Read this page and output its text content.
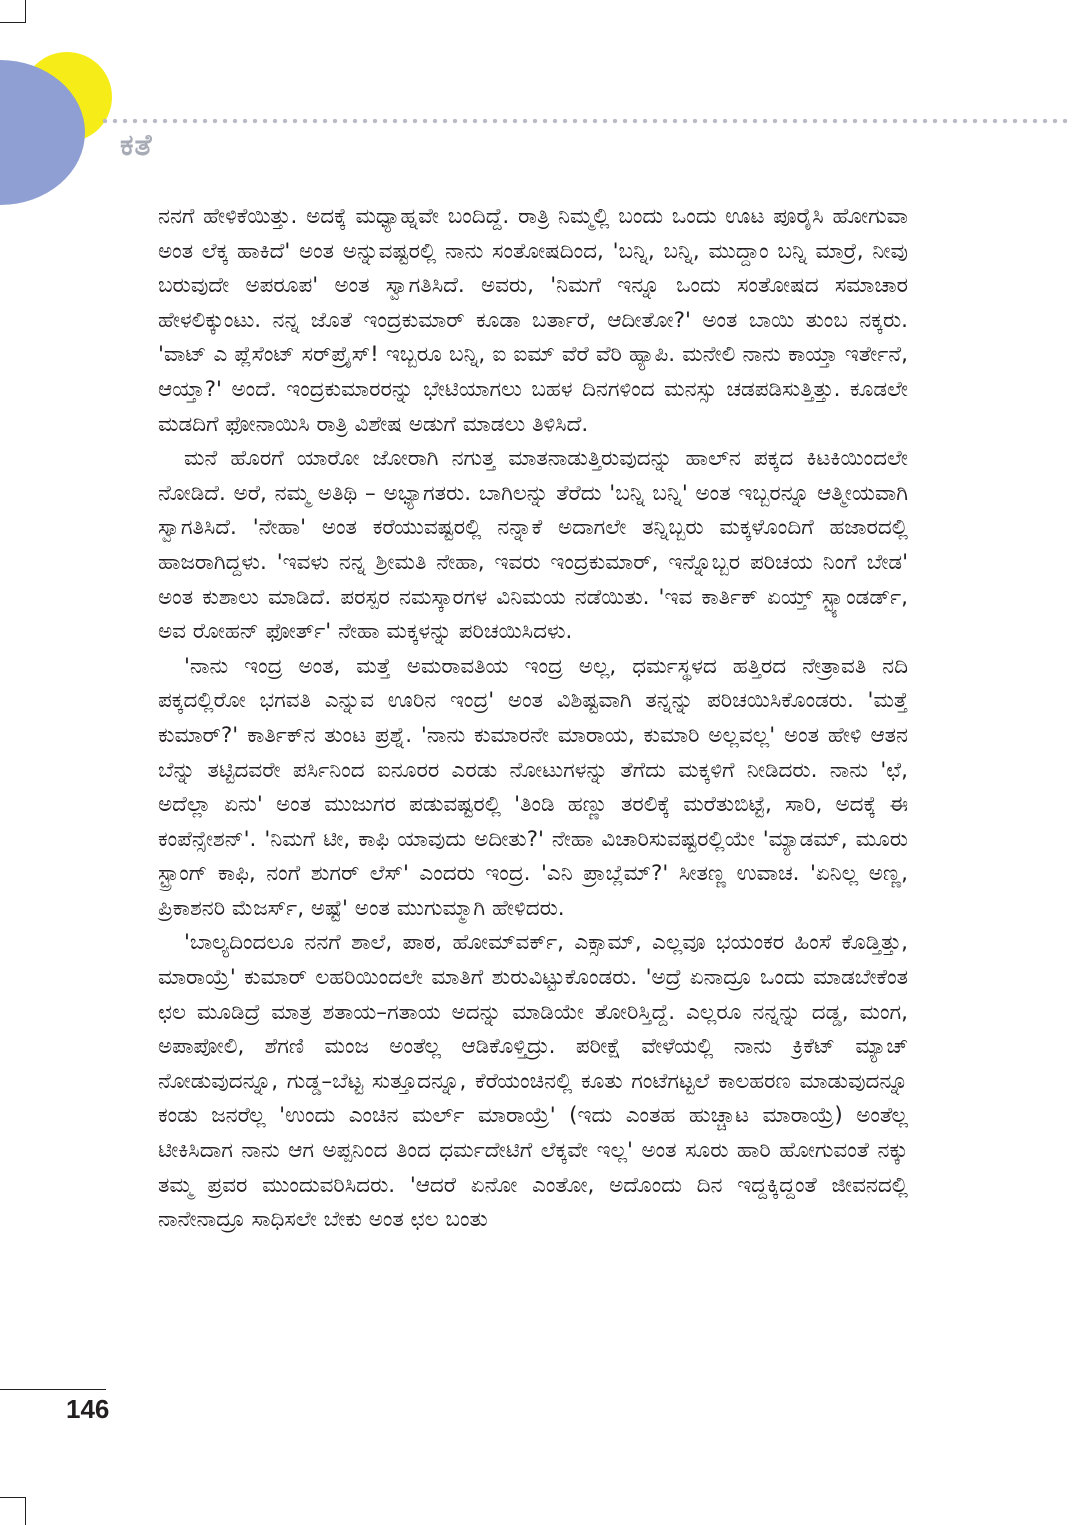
ಕತೆ

ನನಗೆ ಹೇಳಿಕೆಯಿತ್ತು. ಅದಕ್ಕೆ ಮಧ್ಯಾಹ್ನವೇ ಬಂದಿದ್ದೆ. ರಾತ್ರಿ ನಿಮ್ಮಲ್ಲಿ ಬಂದು ಒಂದು ಊಟ ಪೂರೈಸಿ ಹೋಗುವಾ ಅಂತ ಲೆಕ್ಕ ಹಾಕಿದೆ' ಅಂತ ಅನ್ನುವಷ್ಟರಲ್ಲಿ ನಾನು ಸಂತೋಷದಿಂದ, 'ಬನ್ನಿ, ಬನ್ನಿ, ಮುದ್ದಾಂ ಬನ್ನಿ ಮಾರ್ರೆ, ನೀವು ಬರುವುದೇ ಅಪರೂಪ' ಅಂತ ಸ್ವಾಗತಿಸಿದೆ. ಅವರು, 'ನಿಮಗೆ ಇನ್ನೂ ಒಂದು ಸಂತೋಷದ ಸಮಾಚಾರ ಹೇಳಲಿಕ್ಕುಂಟು. ನನ್ನ ಜೊತೆ ಇಂದ್ರಕುಮಾರ್ ಕೂಡಾ ಬರ್ತಾರೆ, ಆದೀತೋ?' ಅಂತ ಬಾಯಿ ತುಂಬ ನಕ್ಕರು. 'ವಾಟ್ ಎ ಪ್ಲೆಸೆಂಟ್ ಸರ್‌ಪ್ರೈಸ್! ಇಬ್ಬರೂ ಬನ್ನಿ, ಐ ಐಮ್ ವೆರೆ ವೆರಿ ಹ್ಯಾಪಿ. ಮನೇಲಿ ನಾನು ಕಾಯ್ತಾ ಇರ್ತೇನೆ, ಆಯ್ತಾ?' ಅಂದೆ. ಇಂದ್ರಕುಮಾರರನ್ನು ಭೇಟಿಯಾಗಲು ಬಹಳ ದಿನಗಳಿಂದ ಮನಸ್ಸು ಚಡಪಡಿಸುತ್ತಿತ್ತು. ಕೂಡಲೇ ಮಡದಿಗೆ ಫೋನಾಯಿಸಿ ರಾತ್ರಿ ವಿಶೇಷ ಅಡುಗೆ ಮಾಡಲು ತಿಳಿಸಿದೆ.

ಮನೆ ಹೊರಗೆ ಯಾರೋ ಜೋರಾಗಿ ನಗುತ್ತ ಮಾತನಾಡುತ್ತಿರುವುದನ್ನು ಹಾಲ್‌ನ ಪಕ್ಕದ ಕಿಟಕಿಯಿಂದಲೇ ನೋಡಿದೆ. ಅರೆ, ನಮ್ಮ ಅತಿಥಿ – ಅಭ್ಯಾಗತರು. ಬಾಗಿಲನ್ನು ತೆರೆದು 'ಬನ್ನಿ ಬನ್ನಿ' ಅಂತ ಇಬ್ಬರನ್ನೂ ಆತ್ಮೀಯವಾಗಿ ಸ್ವಾಗತಿಸಿದೆ. 'ನೇಹಾ' ಅಂತ ಕರೆಯುವಷ್ಟರಲ್ಲಿ ನನ್ನಾಕೆ ಅದಾಗಲೇ ತನ್ನಿಬ್ಬರು ಮಕ್ಕಳೊಂದಿಗೆ ಹಜಾರದಲ್ಲಿ ಹಾಜರಾಗಿದ್ದಳು. 'ಇವಳು ನನ್ನ ಶ್ರೀಮತಿ ನೇಹಾ, ಇವರು ಇಂದ್ರಕುಮಾರ್, ಇನ್ನೊಬ್ಬರ ಪರಿಚಯ ನಿಂಗೆ ಬೇಡ' ಅಂತ ಕುಶಾಲು ಮಾಡಿದೆ. ಪರಸ್ಪರ ನಮಸ್ಕಾರಗಳ ವಿನಿಮಯ ನಡೆಯಿತು. 'ಇವ ಕಾರ್ತಿಕ್ ಏಯ್ತ್ ಸ್ಟ್ಯಾಂಡರ್ಡ್, ಅವ ರೋಹನ್ ಫೋರ್ತ್' ನೇಹಾ ಮಕ್ಕಳನ್ನು ಪರಿಚಯಿಸಿದಳು.

'ನಾನು ಇಂದ್ರ ಅಂತ, ಮತ್ತೆ ಅಮರಾವತಿಯ ಇಂದ್ರ ಅಲ್ಲ, ಧರ್ಮಸ್ಥಳದ ಹತ್ತಿರದ ನೇತ್ರಾವತಿ ನದಿ ಪಕ್ಕದಲ್ಲಿರೋ ಭಗವತಿ ಎನ್ನುವ ಊರಿನ ಇಂದ್ರ' ಅಂತ ವಿಶಿಷ್ಟವಾಗಿ ತನ್ನನ್ನು ಪರಿಚಯಿಸಿಕೊಂಡರು. 'ಮತ್ತೆ ಕುಮಾರ್?' ಕಾರ್ತಿಕ್‌ನ ತುಂಟ ಪ್ರಶ್ನೆ. 'ನಾನು ಕುಮಾರನೇ ಮಾರಾಯ, ಕುಮಾರಿ ಅಲ್ಲವಲ್ಲ' ಅಂತ ಹೇಳಿ ಆತನ ಬೆನ್ನು ತಟ್ಟಿದವರೇ ಪರ್ಸಿನಿಂದ ಐನೂರರ ಎರಡು ನೋಟುಗಳನ್ನು ತೆಗೆದು ಮಕ್ಕಳಿಗೆ ನೀಡಿದರು. ನಾನು 'ಛೆ, ಅದೆಲ್ಲಾ ಏನು' ಅಂತ ಮುಜುಗರ ಪಡುವಷ್ಟರಲ್ಲಿ 'ತಿಂಡಿ ಹಣ್ಣು ತರಲಿಕ್ಕೆ ಮರೆತುಬಿಟ್ಟೆ, ಸಾರಿ, ಅದಕ್ಕೆ ಈ ಕಂಪೆನ್ಸೇಶನ್'. 'ನಿಮಗೆ ಟೀ, ಕಾಫಿ ಯಾವುದು ಅದೀತು?' ನೇಹಾ ವಿಚಾರಿಸುವಷ್ಟರಲ್ಲಿಯೇ 'ಮ್ಯಾಡಮ್, ಮೂರು ಸ್ಟ್ರಾಂಗ್ ಕಾಫಿ, ನಂಗೆ ಶುಗರ್ ಲೆಸ್' ಎಂದರು ಇಂದ್ರ. 'ಎನಿ ಪ್ರಾಬ್ಲೆಮ್?' ಸೀತಣ್ಣ ಉವಾಚ. 'ಏನಿಲ್ಲ ಅಣ್ಣ, ಪ್ರಿಕಾಶನರಿ ಮೆಜರ್ಸ್, ಅಷ್ಟೆ' ಅಂತ ಮುಗುಮ್ಮಾಗಿ ಹೇಳಿದರು.

'ಬಾಲ್ಯದಿಂದಲೂ ನನಗೆ ಶಾಲೆ, ಪಾಠ, ಹೋಮ್‌ವರ್ಕ್, ಎಕ್ಸಾಮ್, ಎಲ್ಲವೂ ಭಯಂಕರ ಹಿಂಸೆ ಕೊಡ್ತಿತ್ತು, ಮಾರಾಯ್ರೆ' ಕುಮಾರ್ ಲಹರಿಯಿಂದಲೇ ಮಾತಿಗೆ ಶುರುವಿಟ್ಟುಕೊಂಡರು. 'ಅದ್ರೆ ಏನಾದ್ರೂ ಒಂದು ಮಾಡಬೇಕೆಂತ ಛಲ ಮೂಡಿದ್ರೆ ಮಾತ್ರ ಶತಾಯ–ಗತಾಯ ಅದನ್ನು ಮಾಡಿಯೇ ತೋರಿಸ್ತಿದ್ದೆ. ಎಲ್ಲರೂ ನನ್ನನ್ನು ದಡ್ಡ, ಮಂಗ, ಅಪಾಪೋಲಿ, ಶೆಗಣಿ ಮಂಜ ಅಂತೆಲ್ಲ ಆಡಿಕೊಳ್ತಿದ್ರು. ಪರೀಕ್ಷೆ ವೇಳೆಯಲ್ಲಿ ನಾನು ಕ್ರಿಕೆಟ್ ಮ್ಯಾಚ್ ನೋಡುವುದನ್ನೂ, ಗುಡ್ಡ–ಬೆಟ್ಟ ಸುತ್ತೂದನ್ನೂ, ಕೆರೆಯಂಚಿನಲ್ಲಿ ಕೂತು ಗಂಟೆಗಟ್ಟಲೆ ಕಾಲಹರಣ ಮಾಡುವುದನ್ನೂ ಕಂಡು ಜನರೆಲ್ಲ 'ಉಂದು ಎಂಚಿನ ಮರ್ಲ್ ಮಾರಾಯ್ರೆ' (ಇದು ಎಂತಹ ಹುಚ್ಚಾಟ ಮಾರಾಯ್ರೆ) ಅಂತೆಲ್ಲ ಟೀಕಿಸಿದಾಗ ನಾನು ಆಗ ಅಪ್ಪನಿಂದ ತಿಂದ ಧರ್ಮದೇಟಿಗೆ ಲೆಕ್ಕವೇ ಇಲ್ಲ' ಅಂತ ಸೂರು ಹಾರಿ ಹೋಗುವಂತೆ ನಕ್ಕು ತಮ್ಮ ಪ್ರವರ ಮುಂದುವರಿಸಿದರು. 'ಆದರೆ ಏನೋ ಎಂತೋ, ಅದೊಂದು ದಿನ ಇದ್ದಕ್ಕಿದ್ದಂತೆ ಜೀವನದಲ್ಲಿ ನಾನೇನಾದ್ರೂ ಸಾಧಿಸಲೇ ಬೇಕು ಅಂತ ಛಲ ಬಂತು

146
